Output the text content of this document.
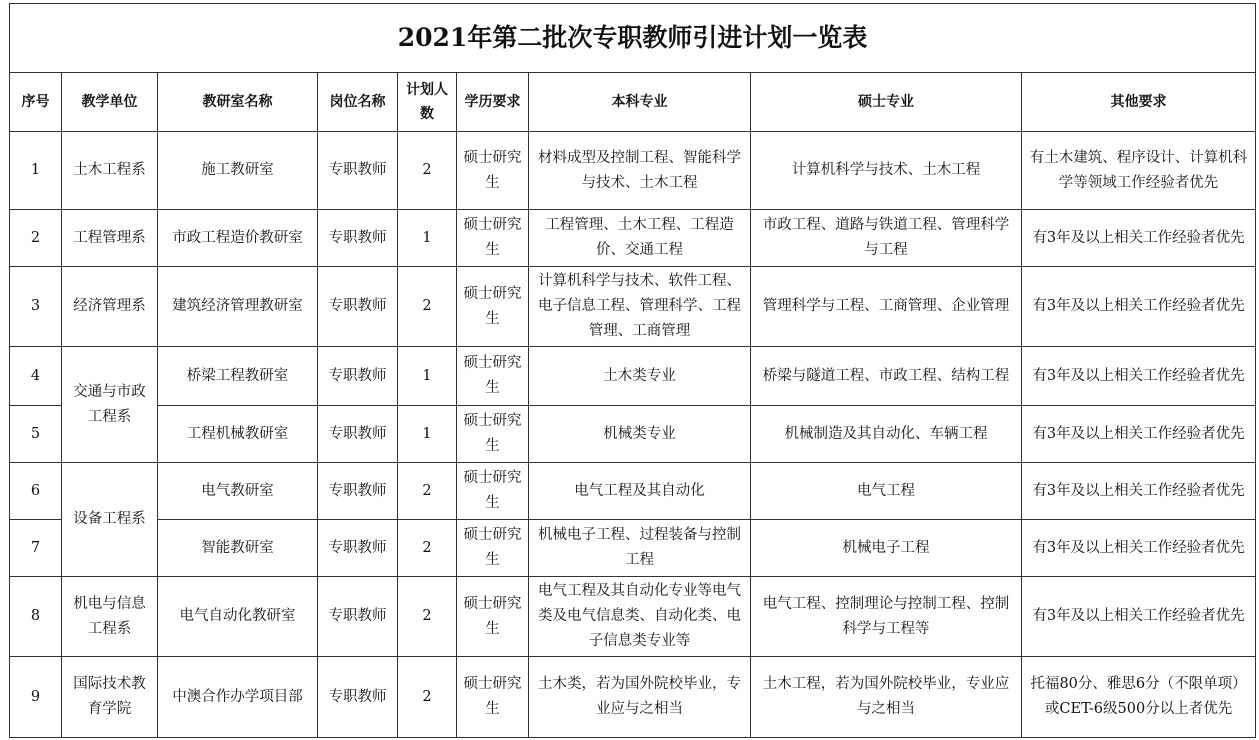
2021年第二批次专职教师引进计划一览表								
序号	教学单位	教研室名称	岗位名称	计划人数	学历要求	本科专业	硕士专业	其他要求
1	土木工程系	施工教研室	专职教师	2	硕士研究生	材料成型及控制工程、智能科学与技术、土木工程	计算机科学与技术、土木工程	有土木建筑、程序设计、计算机科学等领域工作经验者优先
2	工程管理系	市政工程造价教研室	专职教师	1	硕士研究生	工程管理、土木工程、工程造价、交通工程	市政工程、道路与铁道工程、管理科学与工程	有3年及以上相关工作经验者优先
3	经济管理系	建筑经济管理教研室	专职教师	2	硕士研究生	计算机科学与技术、软件工程、电子信息工程、管理科学、工程管理、工商管理	管理科学与工程、工商管理、企业管理	有3年及以上相关工作经验者优先
4	交通与市政工程系	桥梁工程教研室	专职教师	1	硕士研究生	土木类专业	桥梁与隧道工程、市政工程、结构工程	有3年及以上相关工作经验者优先
5		工程机械教研室	专职教师	1	硕士研究生	机械类专业	机械制造及其自动化、车辆工程	有3年及以上相关工作经验者优先
6	设备工程系	电气教研室	专职教师	2	硕士研究生	电气工程及其自动化	电气工程	有3年及以上相关工作经验者优先
7		智能教研室	专职教师	2	硕士研究生	机械电子工程、过程装备与控制工程	机械电子工程	有3年及以上相关工作经验者优先
8	机电与信息工程系	电气自动化教研室	专职教师	2	硕士研究生	电气工程及其自动化专业等电气类及电气信息类、自动化类、电子信息类专业等	电气工程、控制理论与控制工程、控制科学与工程等	有3年及以上相关工作经验者优先
9	国际技术教育学院	中澳合作办学项目部	专职教师	2	硕士研究生	土木类，若为国外院校毕业，专业应与之相当	土木工程，若为国外院校毕业，专业应与之相当	托福80分、雅思6分（不限单项）或CET-6级500分以上者优先
